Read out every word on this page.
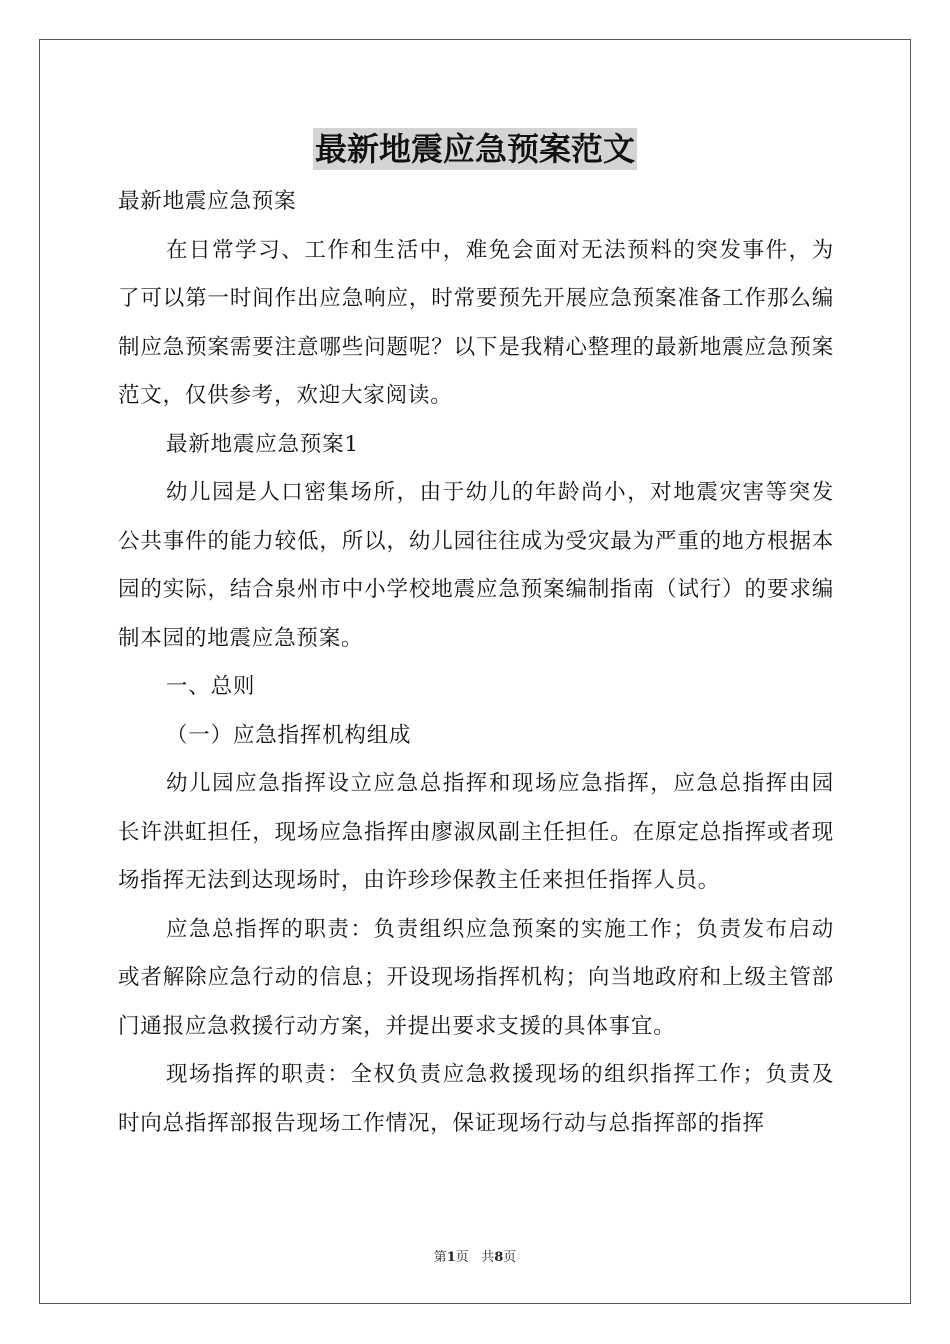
最新地震应急预案范文

最新地震应急预案

在日常学习、工作和生活中，难免会面对无法预料的突发事件，为了可以第一时间作出应急响应，时常要预先开展应急预案准备工作那么编制应急预案需要注意哪些问题呢？以下是我精心整理的最新地震应急预案范文，仅供参考，欢迎大家阅读。

最新地震应急预案1

幼儿园是人口密集场所，由于幼儿的年龄尚小，对地震灾害等突发公共事件的能力较低，所以，幼儿园往往成为受灾最为严重的地方根据本园的实际，结合泉州市中小学校地震应急预案编制指南（试行）的要求编制本园的地震应急预案。

一、总则

（一）应急指挥机构组成

幼儿园应急指挥设立应急总指挥和现场应急指挥，应急总指挥由园长许洪虹担任，现场应急指挥由廖淑凤副主任担任。在原定总指挥或者现场指挥无法到达现场时，由许珍珍保教主任来担任指挥人员。

应急总指挥的职责：负责组织应急预案的实施工作；负责发布启动或者解除应急行动的信息；开设现场指挥机构；向当地政府和上级主管部门通报应急救援行动方案，并提出要求支援的具体事宜。

现场指挥的职责：全权负责应急救援现场的组织指挥工作；负责及时向总指挥部报告现场工作情况，保证现场行动与总指挥部的指挥

第1页 共8页
